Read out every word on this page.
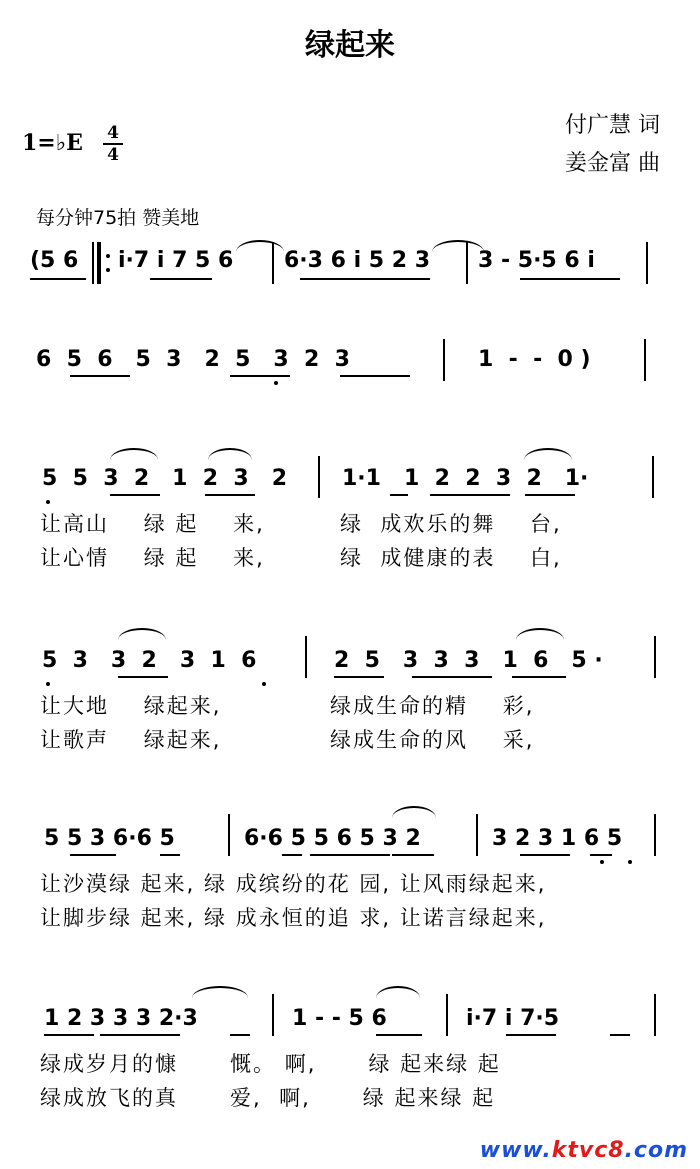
绿起来
1=♭E 4
4
付广慧 词
姜金富 曲
每分钟75拍 赞美地
(5 6 i·7 i 7 5 6 6·3 6 i 5 2 3 3 - 5·5 6 i
6  5  6   5  3   2  5   3  2  3	1  -  -  0 )
5  5  3  2   1  2  3   2 1·1   1  2  2  3  2   1·
让高山    绿 起    来,	绿  成欢乐的舞    台,
让心情    绿 起    来,	绿  成健康的表    白,
5  3   3  2   3  1  6	2  5   3  3  3   1  6   5 ·
让大地    绿起来,	绿成生命的精    彩,
让歌声    绿起来,	绿成生命的风    采,
5 5 3 6·6 5	6·6 5 5 6 5 3 2	3 2 3 1 6 5
让沙漠绿 起来, 绿 成缤纷的花 园, 让风雨绿起来,
让脚步绿 起来, 绿 成永恒的追 求, 让诺言绿起来,
1 2 3 3 3 2·3	1 - - 5 6	i·7 i 7·5
绿成岁月的慷      慨。 啊,      绿 起来绿 起
绿成放飞的真      爱,  啊,      绿 起来绿 起
www.ktvc8.com
